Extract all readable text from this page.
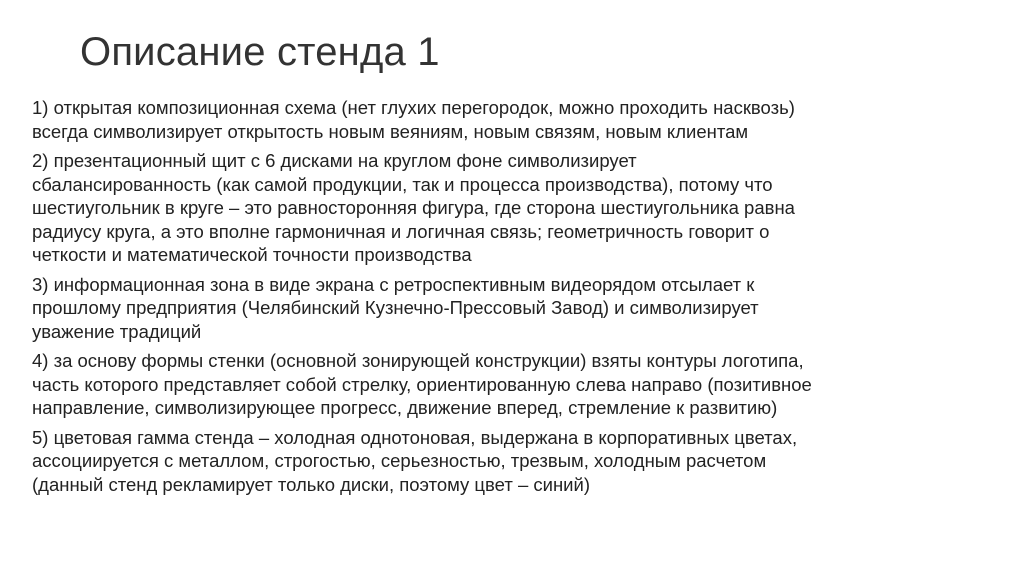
Описание стенда 1

1) открытая композиционная схема (нет глухих перегородок, можно проходить насквозь)
всегда символизирует открытость новым веяниям, новым связям, новым клиентам

2) презентационный щит с 6 дисками на круглом фоне символизирует
сбалансированность (как самой продукции, так и процесса производства), потому что
шестиугольник в круге – это равносторонняя фигура, где сторона шестиугольника равна
радиусу круга, а это вполне гармоничная и логичная связь; геометричность говорит о
четкости и математической точности производства

3) информационная зона в виде экрана с ретроспективным видеорядом отсылает к
прошлому предприятия (Челябинский Кузнечно-Прессовый Завод) и символизирует
уважение традиций

4) за основу формы стенки (основной зонирующей конструкции) взяты контуры логотипа,
часть которого представляет собой стрелку, ориентированную слева направо (позитивное
направление, символизирующее прогресс, движение вперед, стремление к развитию)

5) цветовая гамма стенда – холодная однотоновая, выдержана в корпоративных цветах,
ассоциируется с металлом, строгостью, серьезностью, трезвым, холодным расчетом
(данный стенд рекламирует только диски, поэтому цвет – синий)
